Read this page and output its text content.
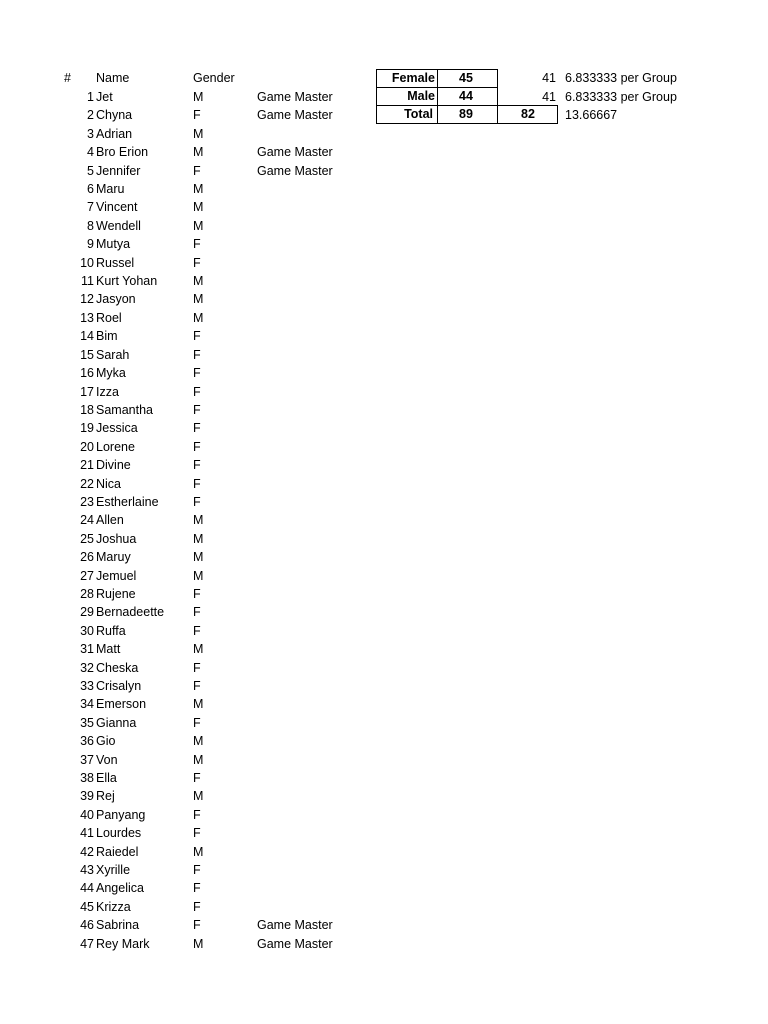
# Name	Gender
1 Jet	M	Game Master
2 Chyna	F	Game Master
3 Adrian	M
4 Bro Erion	M	Game Master
5 Jennifer	F	Game Master
6 Maru	M
7 Vincent	M
8 Wendell	M
9 Mutya	F
10 Russel	F
11 Kurt Yohan	M
12 Jasyon	M
13 Roel	M
14 Bim	F
15 Sarah	F
16 Myka	F
17 Izza	F
18 Samantha	F
19 Jessica	F
20 Lorene	F
21 Divine	F
22 Nica	F
23 Estherlaine	F
24 Allen	M
25 Joshua	M
26 Maruy	M
27 Jemuel	M
28 Rujene	F
29 Bernadeette F
30 Ruffa	F
31 Matt	M
32 Cheska	F
33 Crisalyn	F
34 Emerson	M
35 Gianna	F
36 Gio	M
37 Von	M
38 Ella	F
39 Rej	M
40 Panyang	F
41 Lourdes	F
42 Raiedel	M
43 Xyrille	F
44 Angelica	F
45 Krizza	F
46 Sabrina	F	Game Master
47 Rey Mark	M	Game Master
Female	45	41 6.833333 per Group
Male	44	41 6.833333 per Group
Total	89	82	13.66667
